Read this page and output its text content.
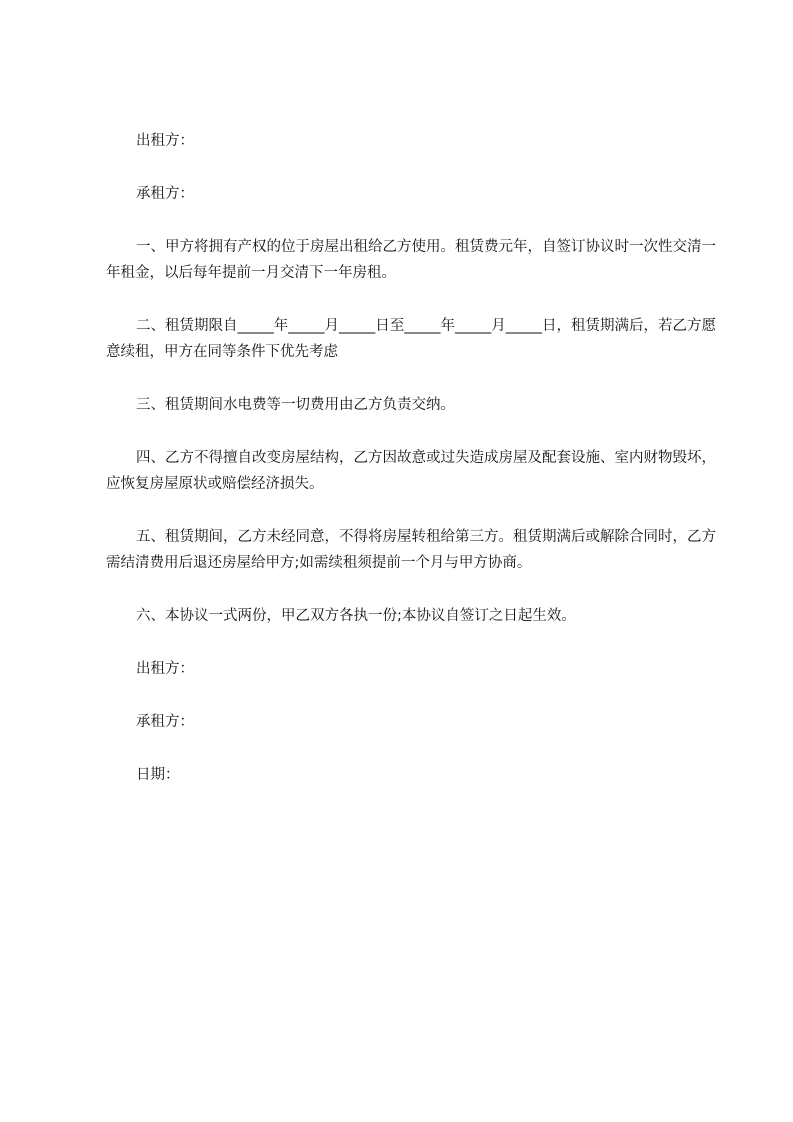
出租方：

承租方：

一、甲方将拥有产权的位于房屋出租给乙方使用。租赁费元年，自签订协议时一次性交清一年租金，以后每年提前一月交清下一年房租。

二、租赁期限自_____年_____月_____日至_____年_____月_____日，租赁期满后，若乙方愿意续租，甲方在同等条件下优先考虑

三、租赁期间水电费等一切费用由乙方负责交纳。

四、乙方不得擅自改变房屋结构，乙方因故意或过失造成房屋及配套设施、室内财物毁坏，应恢复房屋原状或赔偿经济损失。

五、租赁期间，乙方未经同意，不得将房屋转租给第三方。租赁期满后或解除合同时，乙方需结清费用后退还房屋给甲方;如需续租须提前一个月与甲方协商。

六、本协议一式两份，甲乙双方各执一份;本协议自签订之日起生效。

出租方：

承租方：

日期：
